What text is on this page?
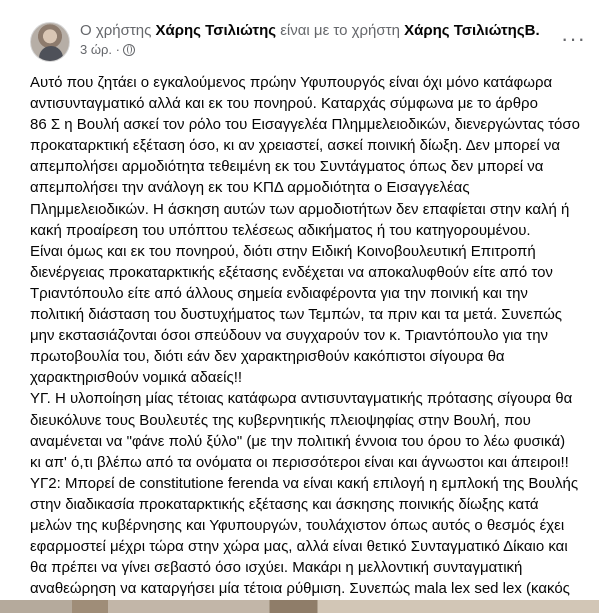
Ο χρήστης Χάρης Τσιλιώτης είναι με το χρήστη Χάρης ΤσιλιώτηςΒ.
3 ώρ. ·	···
Αυτό που ζητάει ο εγκαλούμενος πρώην Υφυπουργός είναι όχι μόνο κατάφωρα
αντισυνταγματικό αλλά και εκ του πονηρού. Καταρχάς σύμφωνα με το άρθρο
86 Σ η Βουλή ασκεί τον ρόλο του Εισαγγελέα Πλημμελειοδικών, διενεργώντας τόσο
προκαταρκτική εξέταση όσο, κι αν χρειαστεί, ασκεί ποινική δίωξη. Δεν μπορεί να
απεμπολήσει αρμοδιότητα τεθειμένη εκ του Συντάγματος όπως δεν μπορεί να
απεμπολήσει την ανάλογη εκ του ΚΠΔ αρμοδιότητα ο Εισαγγελέας
Πλημμελειοδικών. Η άσκηση αυτών των αρμοδιοτήτων δεν επαφίεται στην καλή ή
κακή προαίρεση του υπόπτου τελέσεως αδικήματος ή του κατηγορουμένου.
Είναι όμως και εκ του πονηρού, διότι στην Ειδική Κοινοβουλευτική Επιτροπή
διενέργειας προκαταρκτικής εξέτασης ενδέχεται να αποκαλυφθούν είτε από τον
Τριαντόπουλο είτε από άλλους σημεία ενδιαφέροντα για την ποινική και την
πολιτική διάσταση του δυστυχήματος των Τεμπών, τα πριν και τα μετά. Συνεπώς
μην εκστασιάζονται όσοι σπεύδουν να συγχαρούν τον κ. Τριαντόπουλο για την
πρωτοβουλία του, διότι εάν δεν χαρακτηρισθούν κακόπιστοι σίγουρα θα
χαρακτηρισθούν νομικά αδαείς!!
ΥΓ. Η υλοποίηση μίας τέτοιας κατάφωρα αντισυνταγματικής πρότασης σίγουρα θα
διευκόλυνε τους Βουλευτές της κυβερνητικής πλειοψηφίας στην Βουλή, που
αναμένεται να "φάνε πολύ ξύλο" (με την πολιτική έννοια του όρου το λέω φυσικά)
κι απ' ό,τι βλέπω από τα ονόματα οι περισσότεροι είναι και άγνωστοι και άπειροι!!
ΥΓ2: Μπορεί de constitutione ferenda να είναι κακή επιλογή η εμπλοκή της Βουλής
στην διαδικασία προκαταρκτικής εξέτασης και άσκησης ποινικής δίωξης κατά
μελών της κυβέρνησης και Υφυπουργών, τουλάχιστον όπως αυτός ο θεσμός έχει
εφαρμοστεί μέχρι τώρα στην χώρα μας, αλλά είναι θετικό Συνταγματικό Δίκαιο και
θα πρέπει να γίνει σεβαστό όσο ισχύει. Μακάρι η μελλοντική συνταγματική
αναθεώρηση να καταργήσει μία τέτοια ρύθμιση. Συνεπώς mala lex sed lex (κακός
